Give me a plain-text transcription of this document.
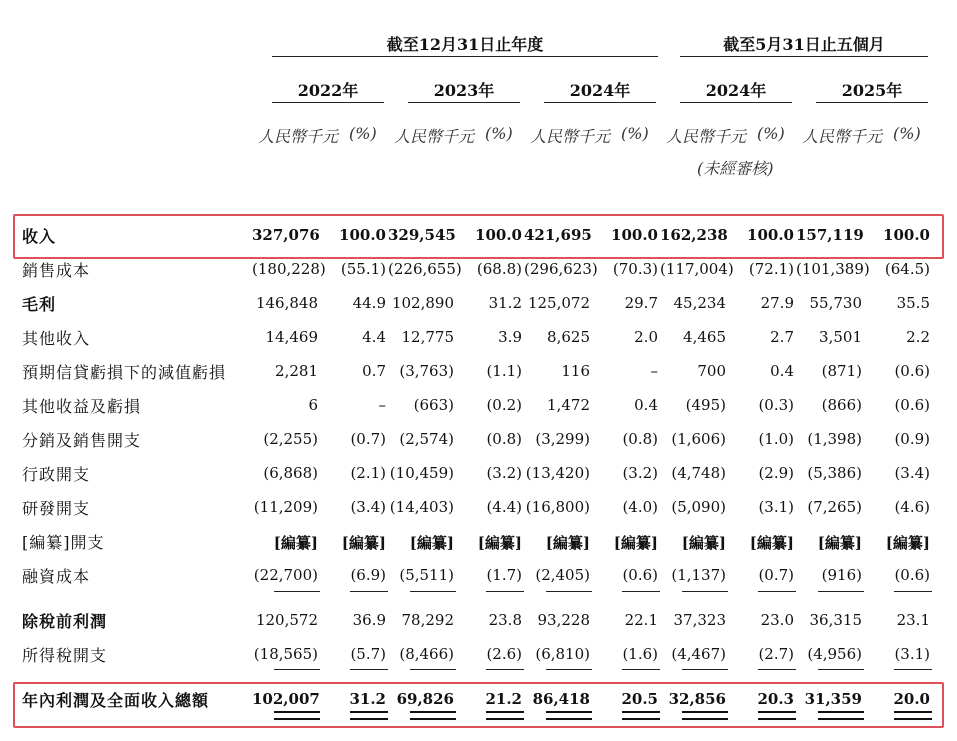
截至12月31日止年度	截至5月31日止五個月
2022年	2023年	2024年	2024年	2025年
人民幣千元 (%) 人民幣千元 (%) 人民幣千元 (%) 人民幣千元 (%) 人民幣千元 (%)
(未經審核)
收入	327,076	100.0 329,545	100.0 421,695	100.0 162,238	100.0 157,119	100.0
銷售成本	(180,228)	(55.1) (226,655)	(68.8) (296,623)	(70.3) (117,004)	(72.1) (101,389)	(64.5)
毛利	146,848	44.9 102,890	31.2 125,072	29.7	45,234	27.9	55,730	35.5
其他收入	14,469	4.4	12,775	3.9	8,625	2.0	4,465	2.7	3,501	2.2
預期信貸虧損下的減值虧損	2,281	0.7 (3,763)	(1.1)	116	–	700	0.4	(871)	(0.6)
其他收益及虧損	6	–	(663)	(0.2)	1,472	0.4	(495)	(0.3)	(866)	(0.6)
分銷及銷售開支	(2,255)	(0.7) (2,574)	(0.8) (3,299)	(0.8) (1,606)	(1.0) (1,398)	(0.9)
行政開支	(6,868)	(2.1) (10,459)	(3.2) (13,420)	(3.2) (4,748)	(2.9) (5,386)	(3.4)
研發開支	(11,209)	(3.4) (14,403)	(4.4) (16,800)	(4.0) (5,090)	(3.1) (7,265)	(4.6)
[編纂]開支	[編纂]	[編纂]	[編纂]	[編纂]	[編纂]	[編纂]	[編纂]	[編纂]	[編纂]	[編纂]
融資成本	(22,700)	(6.9) (5,511)	(1.7) (2,405)	(0.6) (1,137)	(0.7)	(916)	(0.6)
除稅前利潤	120,572	36.9	78,292	23.8	93,228	22.1	37,323	23.0	36,315	23.1
所得稅開支	(18,565)	(5.7) (8,466)	(2.6) (6,810)	(1.6) (4,467)	(2.7) (4,956)	(3.1)
年內利潤及全面收入總額	102,007	31.2 69,826	21.2 86,418	20.5 32,856	20.3 31,359	20.0
